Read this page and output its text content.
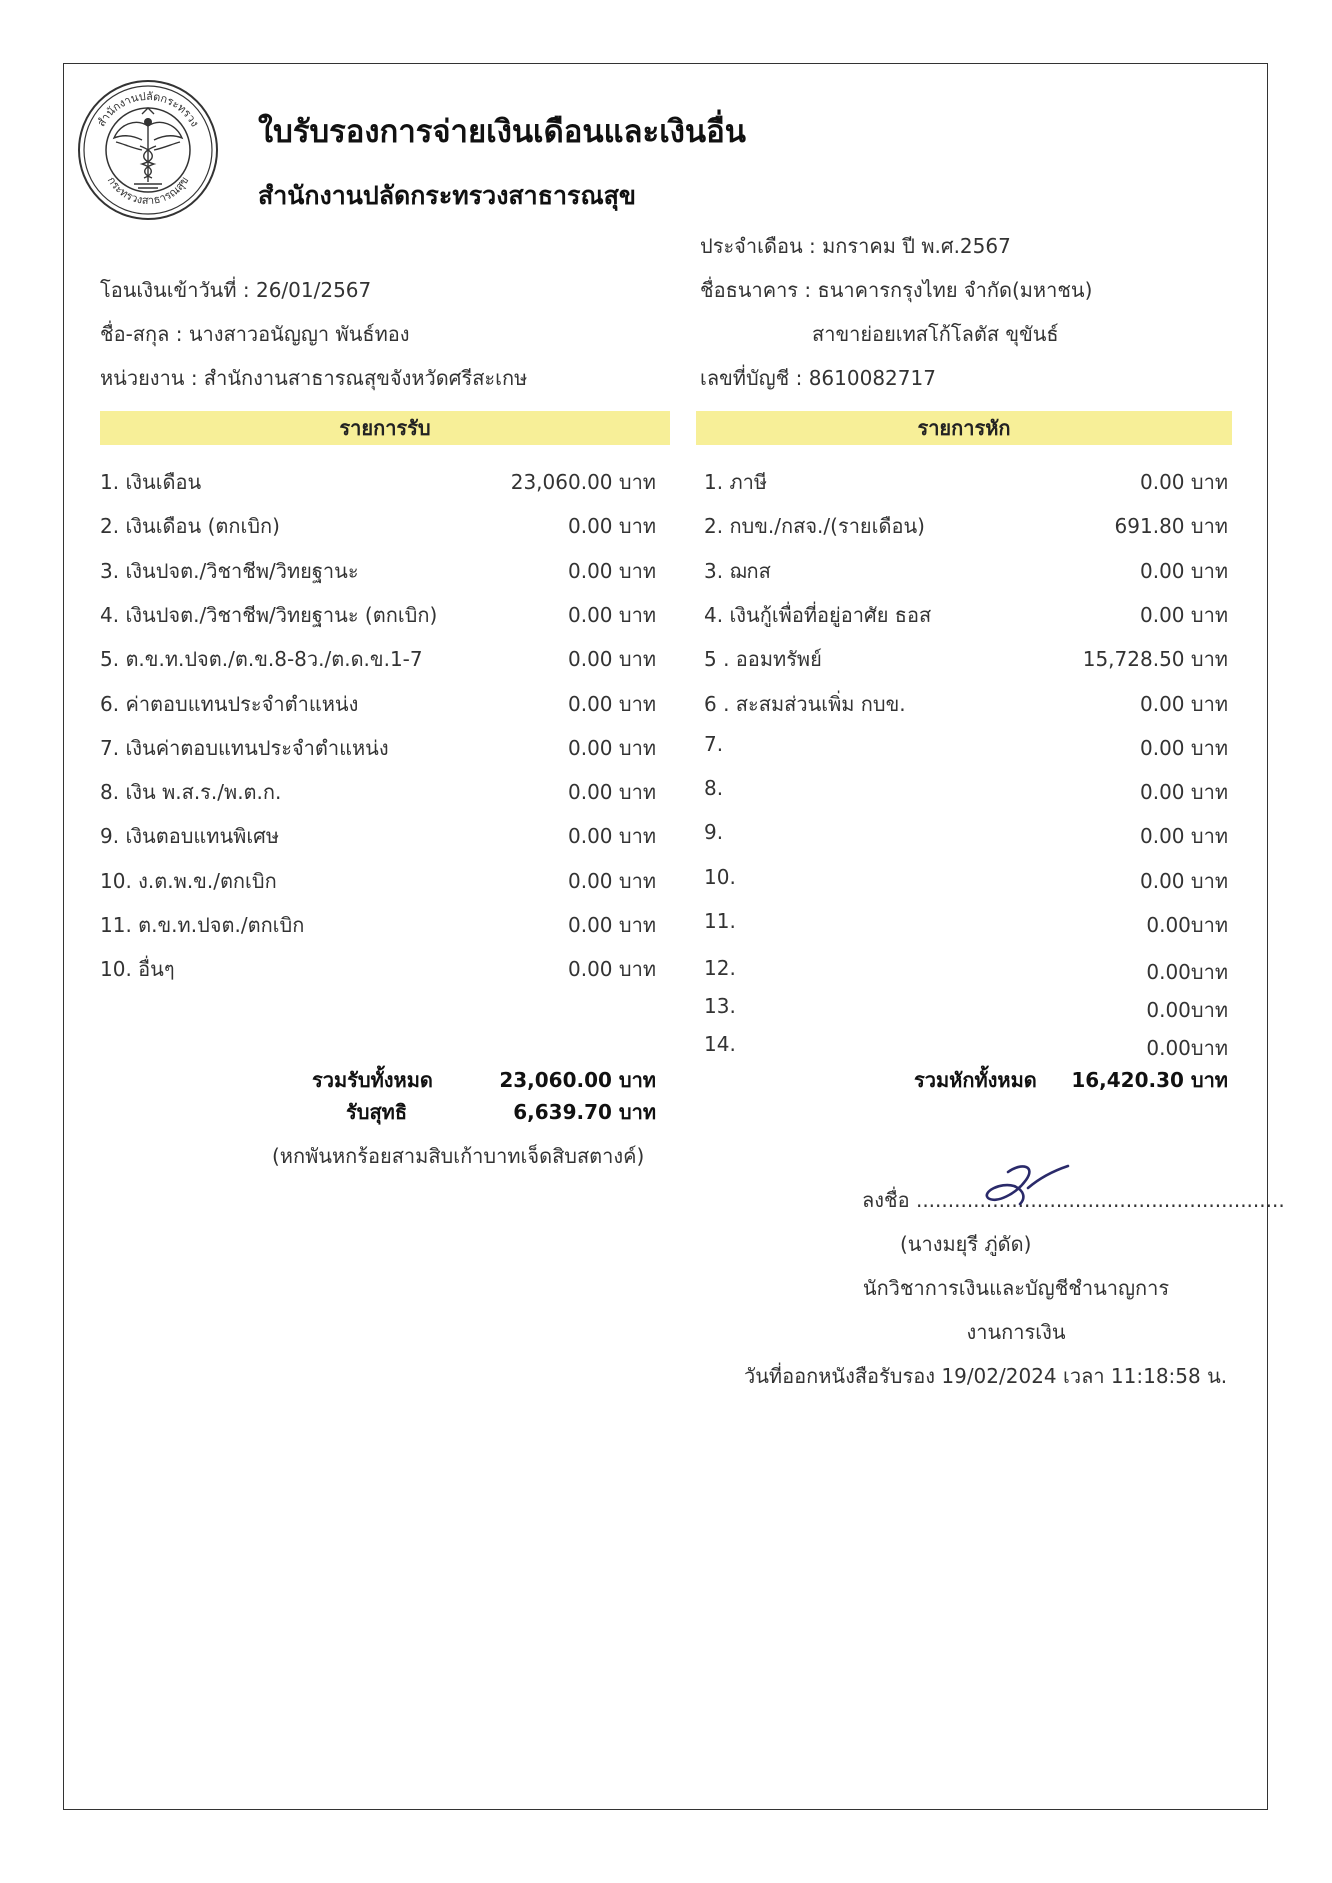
สำนักงานปลัดกระทรวง
กระทรวงสาธารณสุข
ใบรับรองการจ่ายเงินเดือนและเงินอื่น
สำนักงานปลัดกระทรวงสาธารณสุข
ประจำเดือน : มกราคม ปี พ.ศ.2567
โอนเงินเข้าวันที่ : 26/01/2567	ชื่อธนาคาร : ธนาคารกรุงไทย จำกัด(มหาชน)
ชื่อ-สกุล : นางสาวอนัญญา พันธ์ทอง	สาขาย่อยเทสโก้โลตัส ขุขันธ์
หน่วยงาน : สำนักงานสาธารณสุขจังหวัดศรีสะเกษ	เลขที่บัญชี : 8610082717
รายการรับ	รายการหัก
1. เงินเดือน	23,060.00 บาท
2. เงินเดือน (ตกเบิก)	0.00 บาท
3. เงินปจต./วิชาชีพ/วิทยฐานะ	0.00 บาท
4. เงินปจต./วิชาชีพ/วิทยฐานะ (ตกเบิก)	0.00 บาท
5. ต.ข.ท.ปจต./ต.ข.8-8ว./ต.ด.ข.1-7	0.00 บาท
6. ค่าตอบแทนประจำตำแหน่ง	0.00 บาท
7. เงินค่าตอบแทนประจำตำแหน่ง	0.00 บาท
8. เงิน พ.ส.ร./พ.ต.ก.	0.00 บาท
9. เงินตอบแทนพิเศษ	0.00 บาท
10. ง.ต.พ.ข./ตกเบิก	0.00 บาท
11. ต.ข.ท.ปจต./ตกเบิก	0.00 บาท
10. อื่นๆ	0.00 บาท
1. ภาษี	0.00 บาท
2. กบข./กสจ./(รายเดือน)	691.80 บาท
3. ฌกส	0.00 บาท
4. เงินกู้เพื่อที่อยู่อาศัย ธอส	0.00 บาท
5 . ออมทรัพย์	15,728.50 บาท
6 . สะสมส่วนเพิ่ม กบข.	0.00 บาท
7.	0.00 บาท
8.	0.00 บาท
9.	0.00 บาท
10.	0.00 บาท
11.	0.00บาท
12.	0.00บาท
13.	0.00บาท
14.	0.00บาท
รวมรับทั้งหมด	23,060.00 บาท
รับสุทธิ	6,639.70 บาท
(หกพันหกร้อยสามสิบเก้าบาทเจ็ดสิบสตางค์)
รวมหักทั้งหมด	16,420.30 บาท
ลงชื่อ ..........................................................
(นางมยุรี ภู่ดัด)
นักวิชาการเงินและบัญชีชำนาญการ
งานการเงิน
วันที่ออกหนังสือรับรอง 19/02/2024 เวลา 11:18:58 น.
